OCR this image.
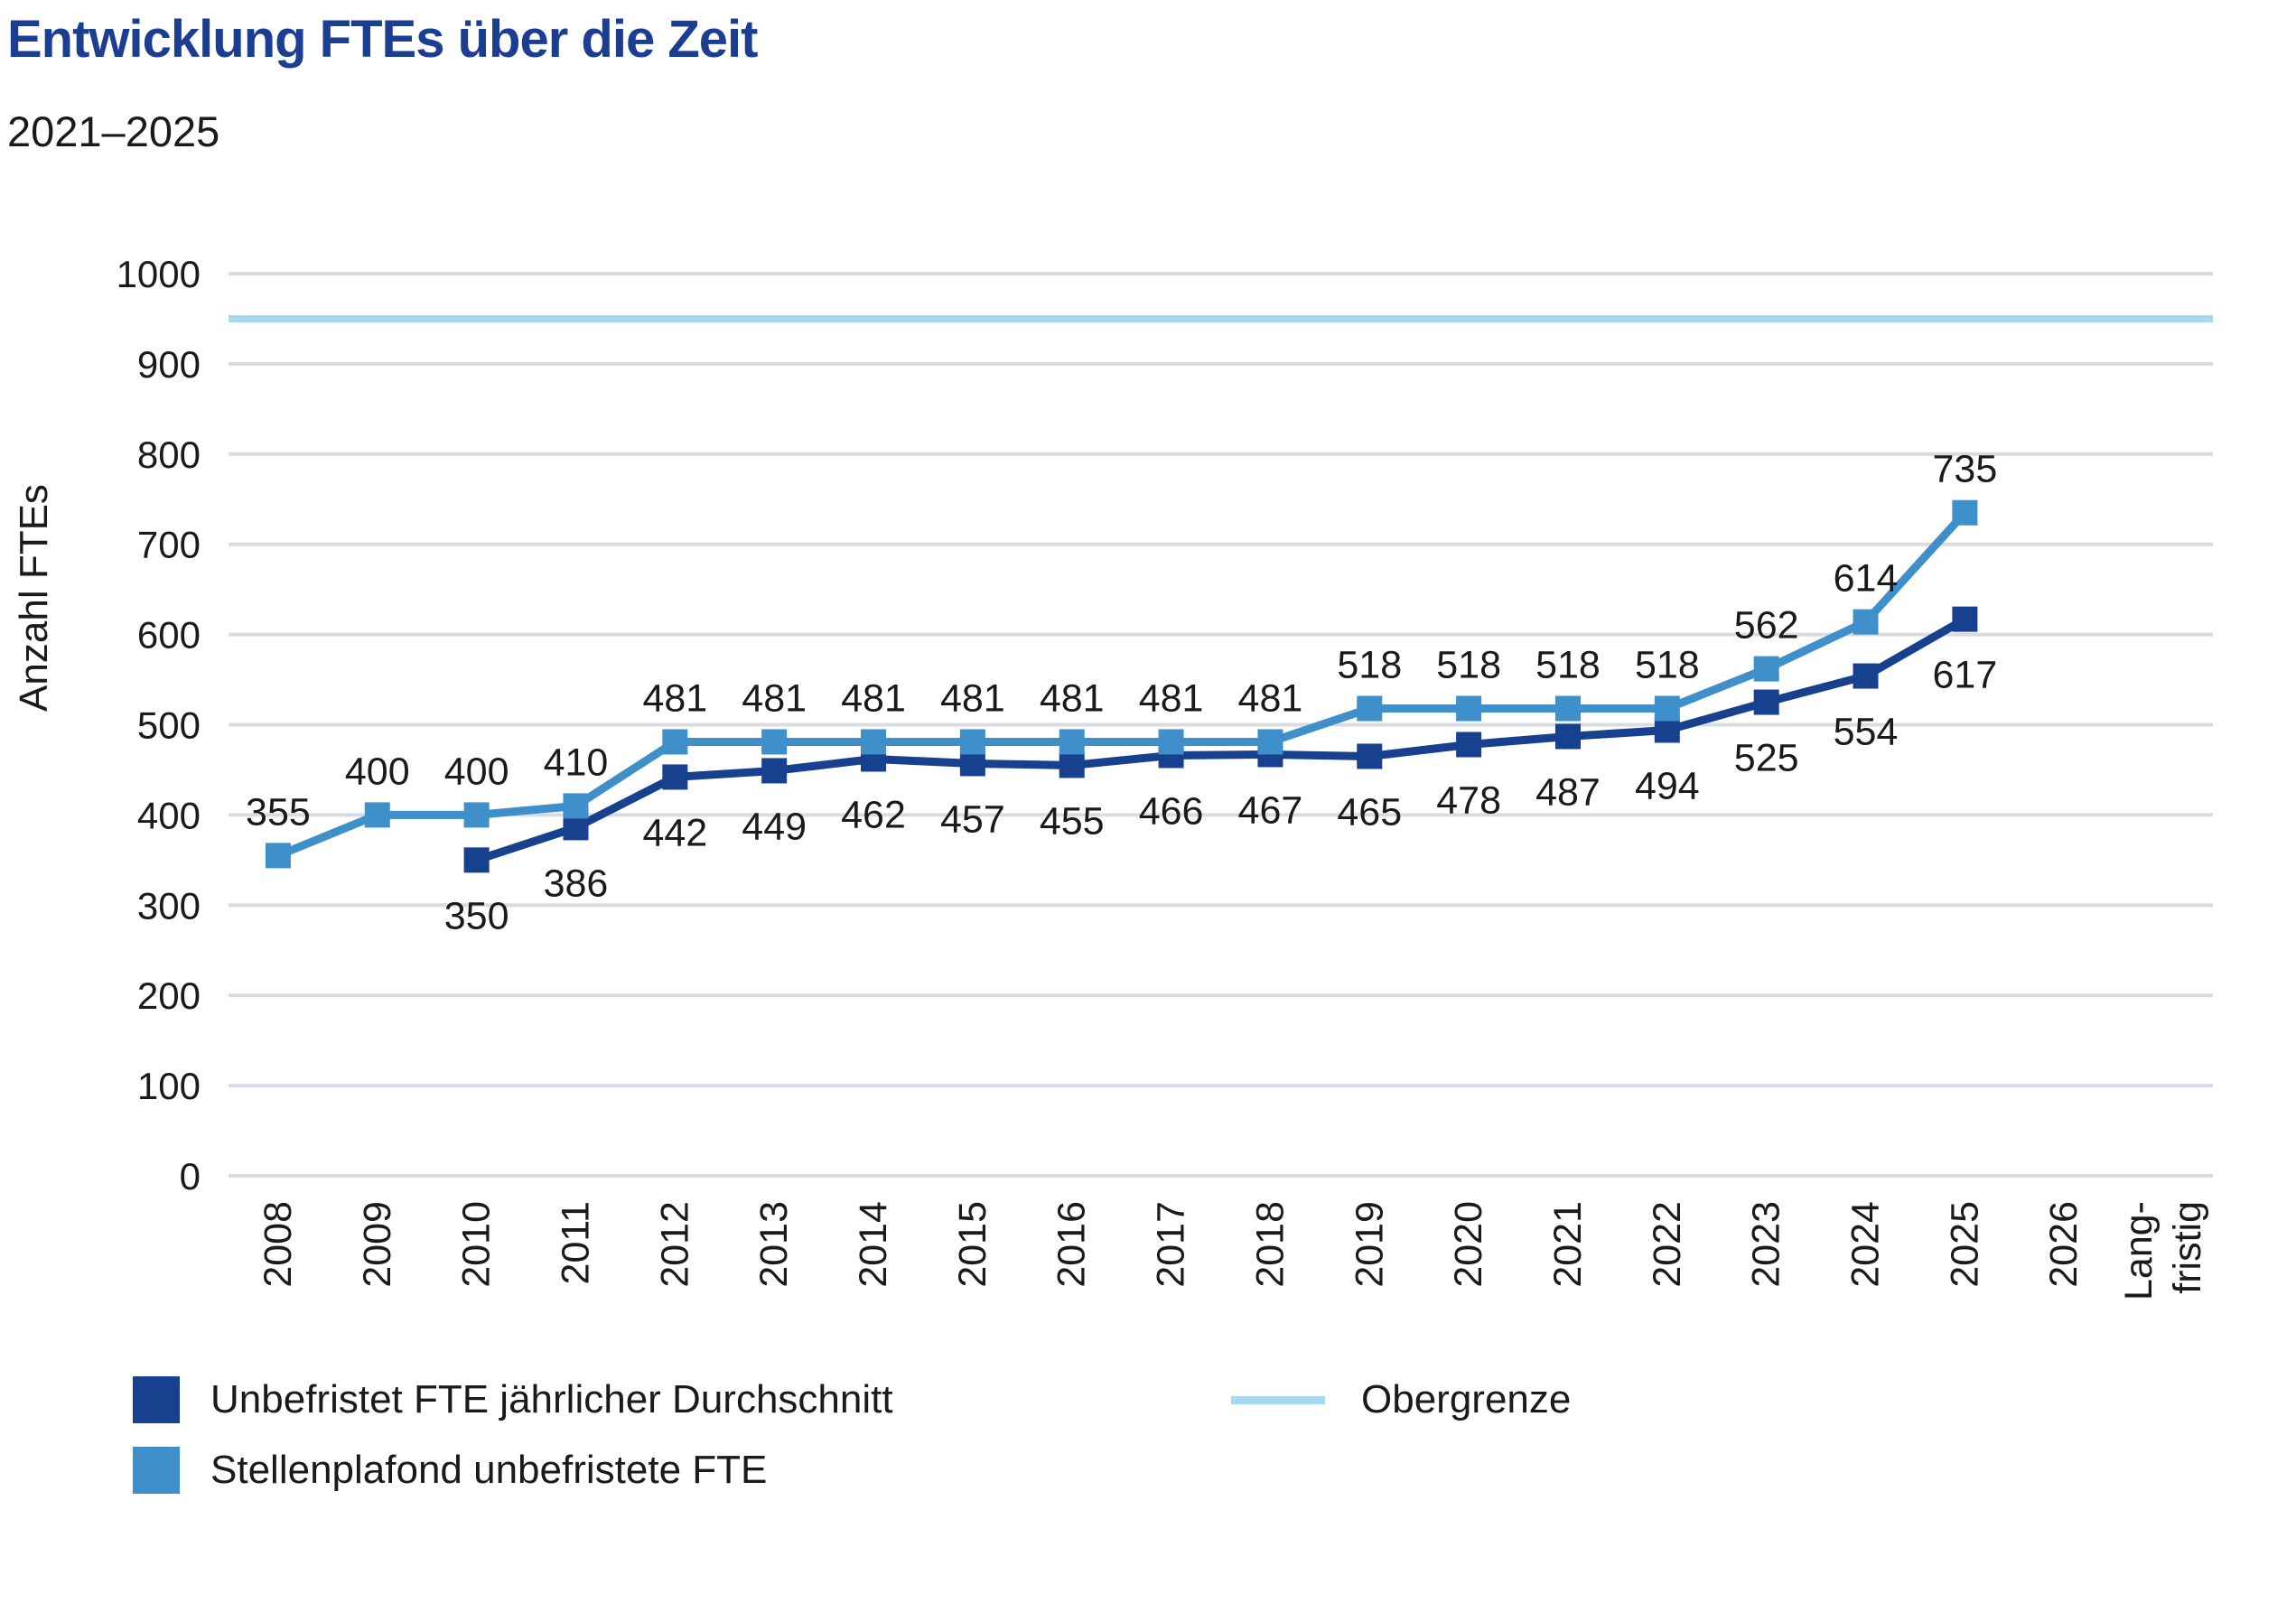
Entwicklung FTEs über die Zeit
2021–2025
0
100
200
300
400
500
600
700
800
900
1000
Anzahl FTEs
2008 2009 2010 2011 2012 2013 2014 2015 2016 2017 2018 2019 2020 2021 2022 2023 2024 2025 2026 Lang- fristig
350
386
442 449 462 457 455 466 467 465 478 487 494
525
554
617
355
400 400 410
481 481 481 481 481 481 481
518 518 518 518
562
614
735
Unbefristet FTE jährlicher Durchschnitt
Stellenplafond unbefristete FTE
Obergrenze
